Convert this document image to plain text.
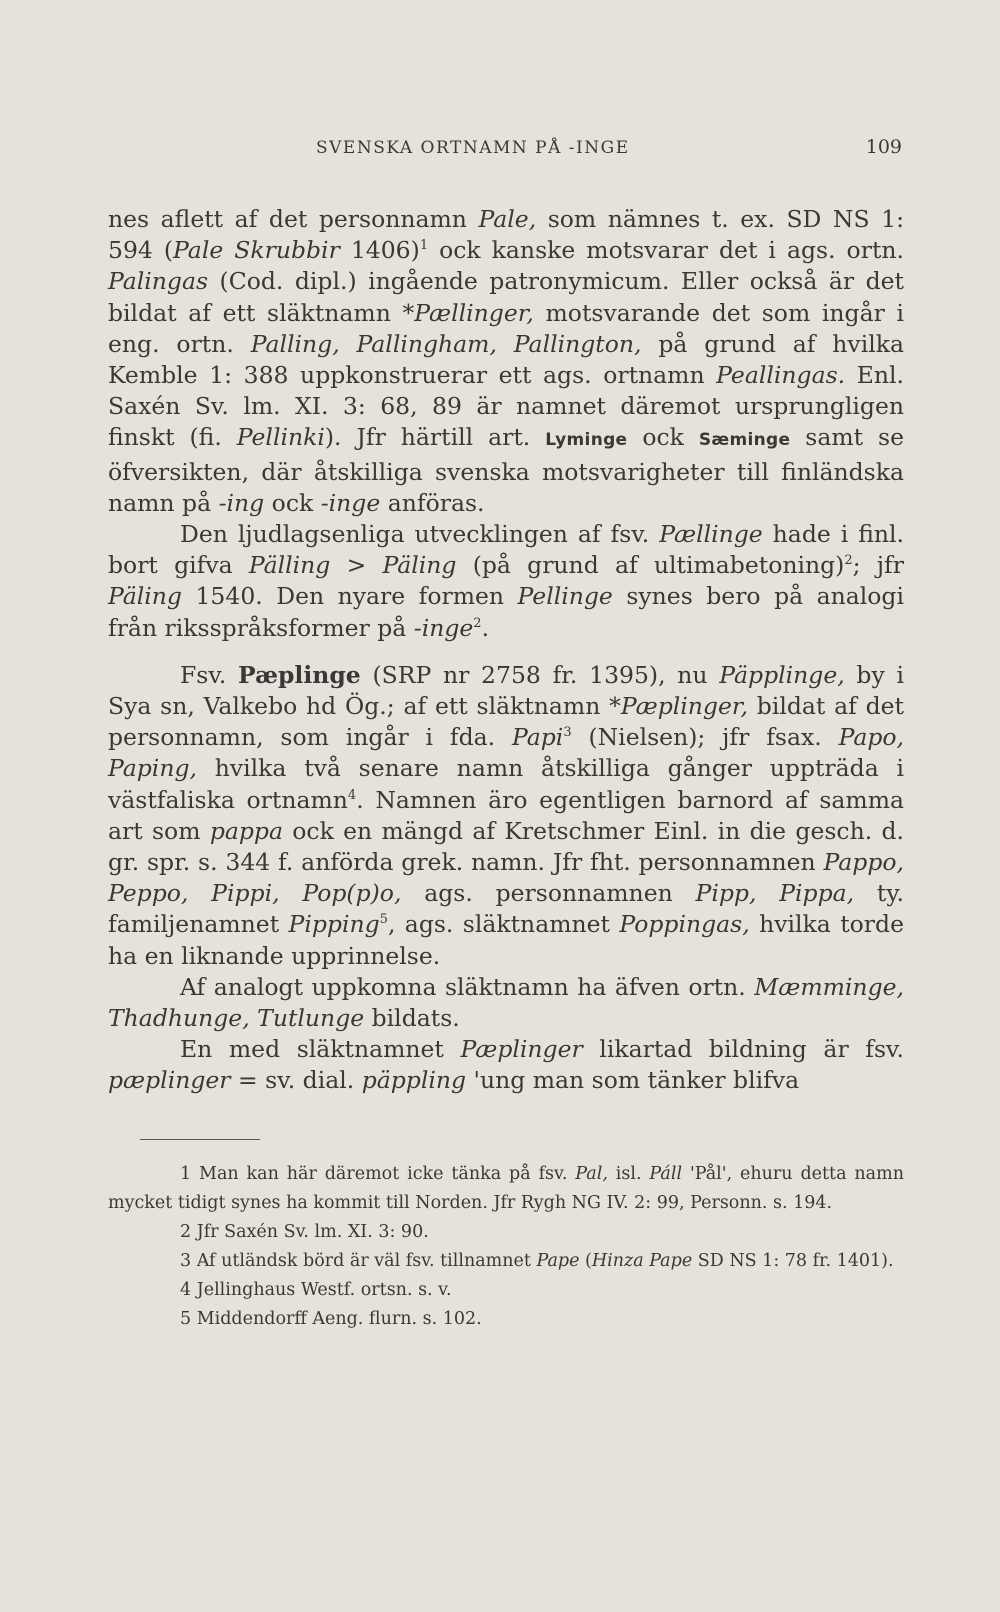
SVENSKA ORTNAMN PÅ -INGE	109

nes aflett af det personnamn Pale, som nämnes t. ex. SD NS 1: 594 (Pale Skrubbir 1406)$^1$ ock kanske motsvarar det i ags. ortn. Palingas (Cod. dipl.) ingående patronymicum. Eller också är det bildat af ett släktnamn *Pællinger, motsvarande det som ingår i eng. ortn. Palling, Pallingham, Pallington, på grund af hvilka Kemble 1: 388 uppkonstruerar ett ags. ortnamn Peallingas. Enl. Saxén Sv. lm. XI. 3: 68, 89 är namnet däremot ursprungligen finskt (fi. Pellinki). Jfr härtill art. Lyminge ock Sæminge samt se öfversikten, där åtskilliga svenska motsvarigheter till finländska namn på -ing ock -inge anföras.

Den ljudlagsenliga utvecklingen af fsv. Pællinge hade i finl. bort gifva Pälling > Päling (på grund af ultimabetoning)$^2$; jfr Päling 1540. Den nyare formen Pellinge synes bero på analogi från riksspråksformer på -inge$^2$.

Fsv. Pæplinge (SRP nr 2758 fr. 1395), nu Päpplinge, by i Sya sn, Valkebo hd Ög.; af ett släktnamn *Pæplinger, bildat af det personnamn, som ingår i fda. Papi$^3$ (Nielsen); jfr fsax. Papo, Paping, hvilka två senare namn åtskilliga gånger uppträda i västfaliska ortnamn$^4$. Namnen äro egentligen barnord af samma art som pappa ock en mängd af Kretschmer Einl. in die gesch. d. gr. spr. s. 344 f. anförda grek. namn. Jfr fht. personnamnen Pappo, Peppo, Pippi, Pop(p)o, ags. personnamnen Pipp, Pippa, ty. familjenamnet Pipping$^5$, ags. släktnamnet Poppingas, hvilka torde ha en liknande upprinnelse.

Af analogt uppkomna släktnamn ha äfven ortn. Mæmminge, Thadhunge, Tutlunge bildats.

En med släktnamnet Pæplinger likartad bildning är fsv. pæplinger = sv. dial. päppling 'ung man som tänker blifva

1 Man kan här däremot icke tänka på fsv. Pal, isl. Páll 'Pål', ehuru detta namn mycket tidigt synes ha kommit till Norden. Jfr Rygh NG IV. 2: 99, Personn. s. 194.

2 Jfr Saxén Sv. lm. XI. 3: 90.

3 Af utländsk börd är väl fsv. tillnamnet Pape (Hinza Pape SD NS 1: 78 fr. 1401).

4 Jellinghaus Westf. ortsn. s. v.

5 Middendorff Aeng. flurn. s. 102.
